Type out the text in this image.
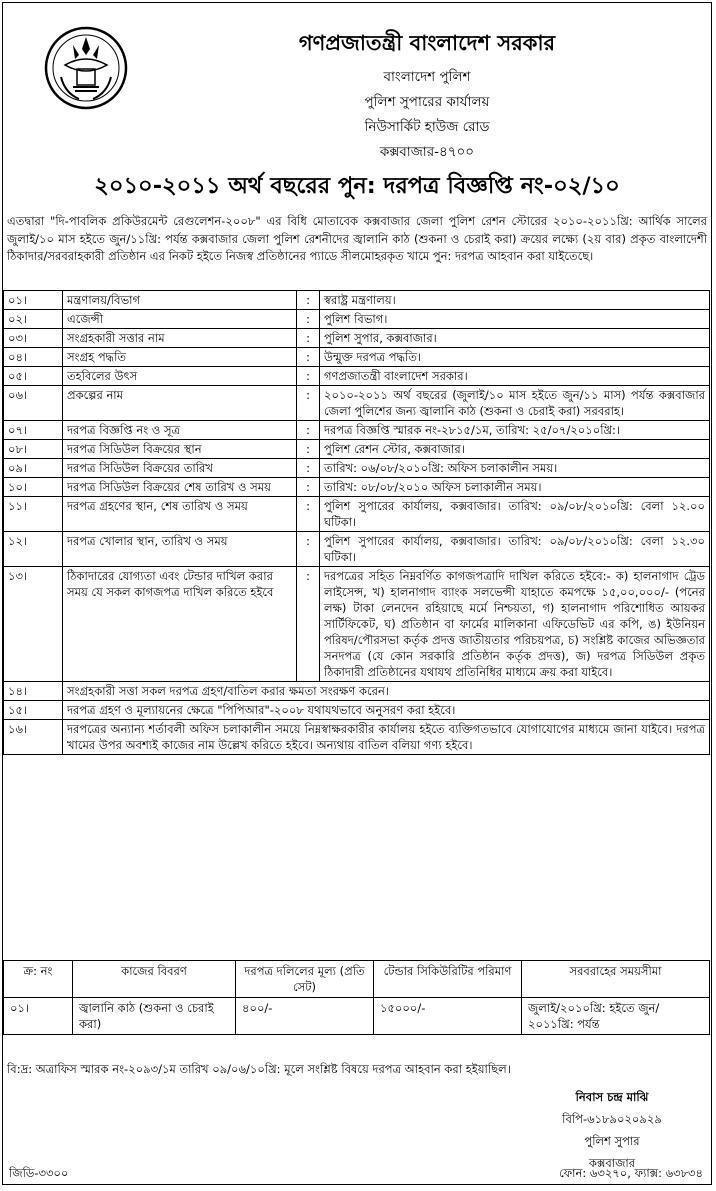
গণপ্রজাতন্ত্রী বাংলাদেশ সরকার
বাংলাদেশ পুলিশ
পুলিশ সুপারের কার্যালয়
নিউসার্কিট হাউজ রোড
কক্সবাজার-৪৭০০
২০১০-২০১১ অর্থ বছরের পুন: দরপত্র বিজ্ঞপ্তি নং-০২/১০
এতদ্বারা "দি-পাবলিক প্রকিউরমেন্ট রেগুলেশন-২০০৮" এর বিধি মোতাবেক কক্সবাজার জেলা পুলিশ রেশন স্টোরের ২০১০-২০১১খ্রি: আর্থিক সালের জুলাই/১০ মাস হইতে জুন/১১খ্রি: পর্যন্ত কক্সবাজার জেলা পুলিশ রেশনীদের জ্বালানি কাঠ (শুকনা ও চেরাই করা) ক্রয়ের লক্ষ্যে (২য় বার) প্রকৃত বাংলাদেশী ঠিকাদার/সরবরাহকারী প্রতিষ্ঠান এর নিকট হইতে নিজস্ব প্রতিষ্ঠানের প্যাডে সীলমোহরকৃত খামে পুন: দরপত্র আহবান করা যাইতেছে।
০১।	মন্ত্রণালয়/বিভাগ	:	স্বরাষ্ট্র মন্ত্রণালয়।
০২।	এজেন্সী	:	পুলিশ বিভাগ।
০৩।	সংগ্রহকারী সত্তার নাম	:	পুলিশ সুপার, কক্সবাজার।
০৪।	সংগ্রহ পদ্ধতি	:	উন্মুক্ত দরপত্র পদ্ধতি।
০৫।	তহবিলের উৎস	:	গণপ্রজাতন্ত্রী বাংলাদেশ সরকার।
০৬।	প্রকল্পের নাম	:	২০১০-২০১১ অর্থ বছরের (জুলাই/১০ মাস হইতে জুন/১১ মাস) পর্যন্ত কক্সবাজার জেলা পুলিশের জন্য জ্বালানি কাঠ (শুকনা ও চেরাই করা) সরবরাহ।
০৭।	দরপত্র বিজ্ঞপ্তি নং ও সূত্র	:	দরপত্র বিজ্ঞপ্তি স্মারক নং-২৮১৫/১ম, তারিখ: ২৫/০৭/২০১০খ্রি:।
০৮।	দরপত্র সিডিউল বিক্রয়ের স্থান	:	পুলিশ রেশন স্টোর, কক্সবাজার।
০৯।	দরপত্র সিডিউল বিক্রয়ের তারিখ	:	তারিখ: ০৬/০৮/২০১০খ্রি: অফিস চলাকালীন সময়।
১০।	দরপত্র সিডিউল বিক্রয়ের শেষ তারিখ ও সময়	:	তারিখ: ০৮/০৮/২০১০ অফিস চলাকালীন সময়।
১১।	দরপত্র গ্রহণের স্থান, শেষ তারিখ ও সময়	:	পুলিশ সুপারের কার্যালয়, কক্সবাজার। তারিখ: ০৯/০৮/২০১০খ্রি: বেলা ১২.০০ ঘটিকা।
১২।	দরপত্র খোলার স্থান, তারিখ ও সময়	:	পুলিশ সুপারের কার্যালয়, কক্সবাজার। তারিখ: ০৯/০৮/২০১০খ্রি: বেলা ১২.৩০ ঘটিকা।
১৩।	ঠিকাদারের যোগ্যতা এবং টেন্ডার দাখিল করার সময় যে সকল কাগজপত্র দাখিল করিতে হইবে	:	দরপত্রের সহিত নিম্নবর্ণিত কাগজপত্রাদি দাখিল করিতে হইবে:- ক) হালনাগাদ ট্রেড লাইসেন্স, খ) হালনাগাদ ব্যাংক সলভেন্সী যাহাতে কমপক্ষে ১৫,০০,০০০/- (পনের লক্ষ) টাকা লেনদেন রহিয়াছে মর্মে নিশ্চয়তা, গ) হালনাগাদ পরিশোধিত আয়কর সার্টিফিকেট, ঘ) প্রতিষ্ঠান বা ফার্মের মালিকানা এফিডেভিট এর কপি, ঙ) ইউনিয়ন পরিষদ/পৌরসভা কর্তৃক প্রদত্ত জাতীয়তার পরিচয়পত্র, চ) সংশ্লিষ্ট কাজের অভিজ্ঞতার সনদপত্র (যে কোন সরকারি প্রতিষ্ঠান কর্তৃক প্রদত্ত), জ) দরপত্র সিডিউল প্রকৃত ঠিকাদারী প্রতিষ্ঠানের যথাযথ প্রতিনিধির মাধ্যমে ক্রয় করা যাইবে।
১৪।	সংগ্রহকারী সত্তা সকল দরপত্র গ্রহণ/বাতিল করার ক্ষমতা সংরক্ষণ করেন।		
১৫।	দরপত্র গ্রহণ ও মূল্যায়নের ক্ষেত্রে "পিপিআর"-২০০৮ যথাযথভাবে অনুসরণ করা হইবে।		
১৬।	দরপত্রের অন্যান্য শর্তাবলী অফিস চলাকালীন সময়ে নিম্নস্বাক্ষরকারীর কার্যালয় হইতে ব্যক্তিগতভাবে যোগাযোগের মাধ্যমে জানা যাইবে। দরপত্র খামের উপর অবশ্যই কাজের নাম উল্লেখ করিতে হইবে। অন্যথায় বাতিল বলিয়া গণ্য হইবে।		
ক্র: নং	কাজের বিবরণ	দরপত্র দলিলের মূল্য (প্রতি সেট)	টেন্ডার সিকিউরিটির পরিমাণ	সরবরাহের সময়সীমা
০১।	জ্বালানি কাঠ (শুকনা ও চেরাই করা)	৪০০/-	১৫০০০/-	জুলাই/২০১০খ্রি: হইতে জুন/২০১১খ্রি: পর্যন্ত
বি:দ্র: অত্রাফিস স্মারক নং-২০৯৩/১ম তারিখ ০৯/০৬/১০খ্রি: মূলে সংশ্লিষ্ট বিষয়ে দরপত্র আহবান করা হইয়াছিল।
নিবাস চন্দ্র মাঝি
বিপি-৬১৮৯০২০৯২৯
পুলিশ সুপার
কক্সবাজার
জিডি-৩৩০০	ফোন: ৬৩২৭০, ফ্যাক্স: ৬৩৮৩৪
